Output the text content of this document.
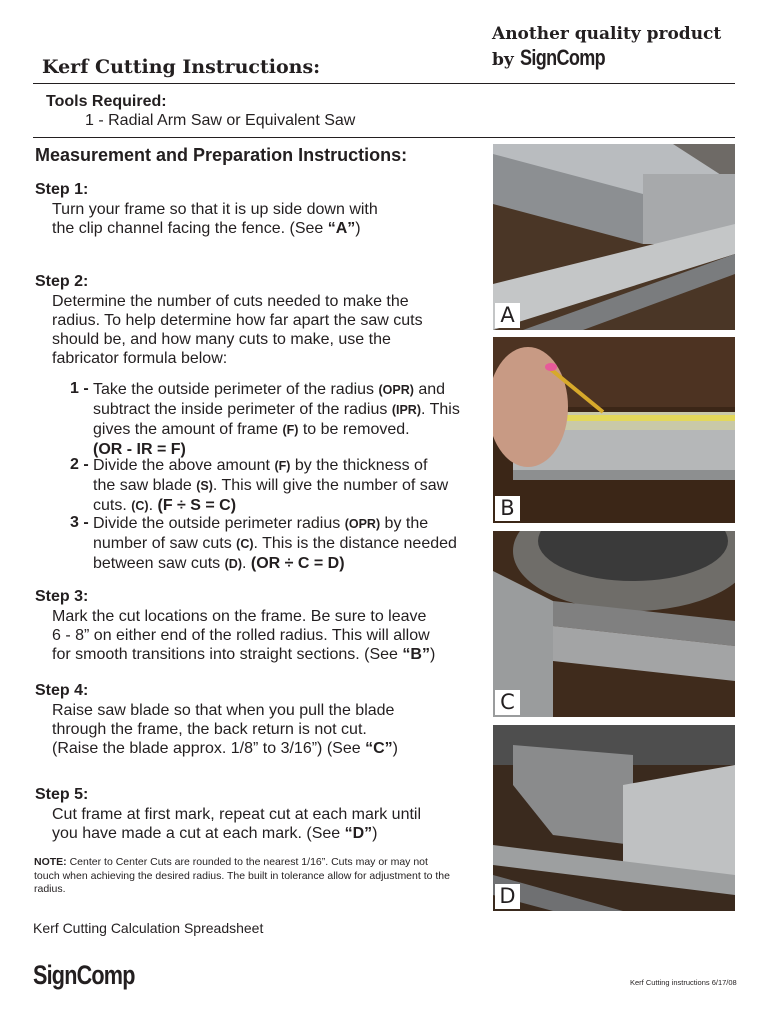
Another quality product
by SignComp
Kerf Cutting Instructions:
Tools Required:
1 - Radial Arm Saw or Equivalent Saw
Measurement and Preparation Instructions:
Step 1:
Turn your frame so that it is up side down with
the clip channel facing the fence. (See “A”)
Step 2:
Determine the number of cuts needed to make the
radius. To help determine how far apart the saw cuts
should be, and how many cuts to make, use the
fabricator formula below:
1 - Take the outside perimeter of the radius (OPR) and
subtract the inside perimeter of the radius (IPR). This
gives the amount of frame (F) to be removed.
(OR - IR = F)
2 - Divide the above amount (F) by the thickness of
the saw blade (S). This will give the number of saw
cuts. (C). (F ÷ S = C)
3 - Divide the outside perimeter radius (OPR) by the
number of saw cuts (C). This is the distance needed
between saw cuts (D). (OR ÷ C = D)
Step 3:
Mark the cut locations on the frame. Be sure to leave
6 - 8” on either end of the rolled radius. This will allow
for smooth transitions into straight sections. (See “B”)
Step 4:
Raise saw blade so that when you pull the blade
through the frame, the back return is not cut.
(Raise the blade approx. 1/8” to 3/16”) (See “C”)
Step 5:
Cut frame at first mark, repeat cut at each mark until
you have made a cut at each mark. (See “D”)
NOTE: Center to Center Cuts are rounded to the nearest 1/16”. Cuts may or may not touch when achieving the desired radius. The built in tolerance allow for adjustment to the radius.
Kerf Cutting Calculation Spreadsheet
SignComp	Kerf Cutting instructions 6/17/08
A
B
C
D
